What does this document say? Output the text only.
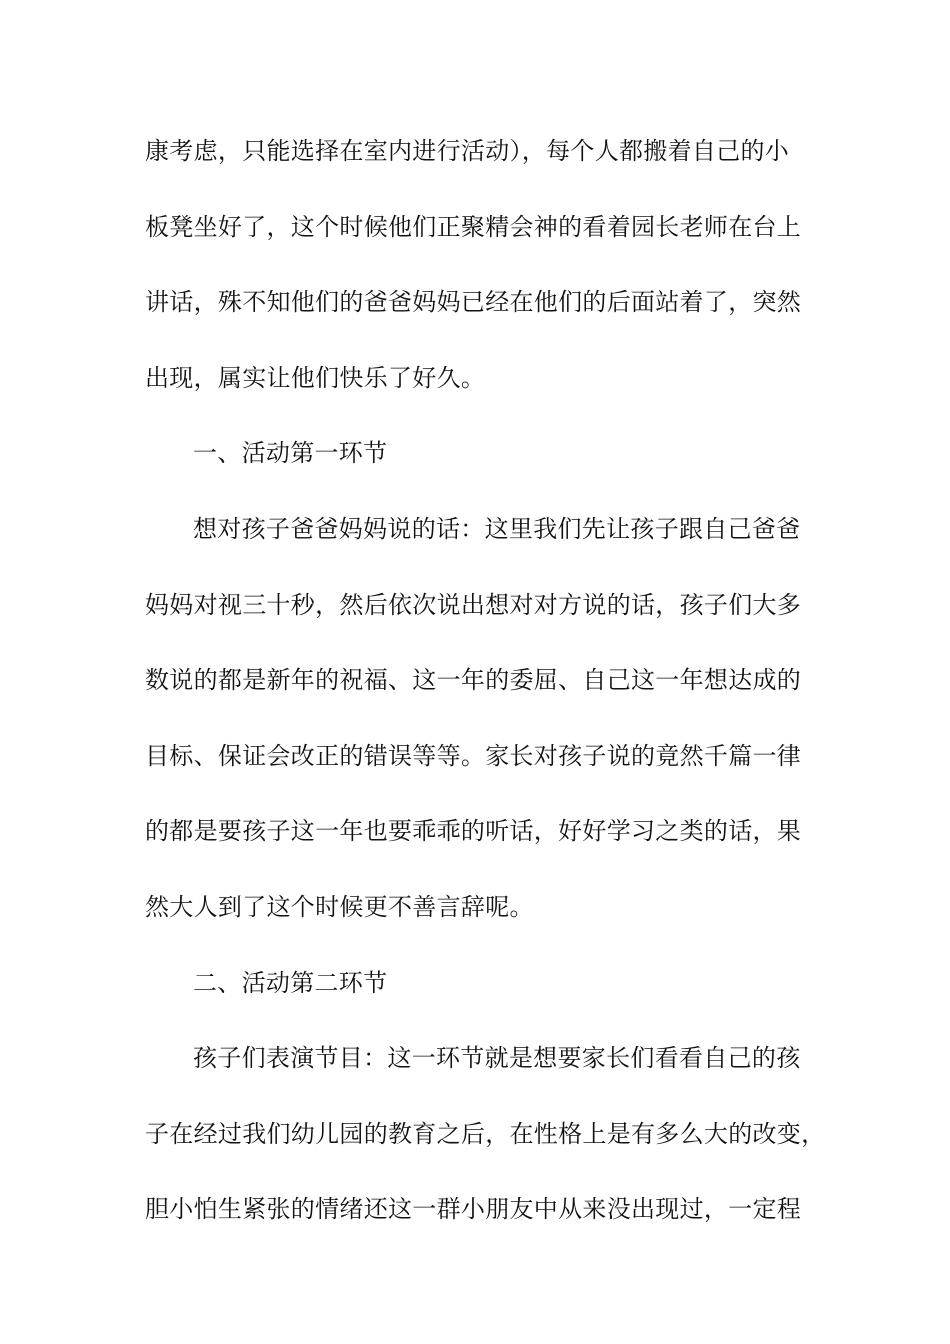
康考虑，只能选择在室内进行活动），每个人都搬着自己的小
板凳坐好了，这个时候他们正聚精会神的看着园长老师在台上
讲话，殊不知他们的爸爸妈妈已经在他们的后面站着了，突然
出现，属实让他们快乐了好久。
一、活动第一环节
想对孩子爸爸妈妈说的话：这里我们先让孩子跟自己爸爸
妈妈对视三十秒，然后依次说出想对对方说的话，孩子们大多
数说的都是新年的祝福、这一年的委屈、自己这一年想达成的
目标、保证会改正的错误等等。家长对孩子说的竟然千篇一律
的都是要孩子这一年也要乖乖的听话，好好学习之类的话，果
然大人到了这个时候更不善言辞呢。
二、活动第二环节
孩子们表演节目：这一环节就是想要家长们看看自己的孩
子在经过我们幼儿园的教育之后，在性格上是有多么大的改变，
胆小怕生紧张的情绪还这一群小朋友中从来没出现过，一定程
